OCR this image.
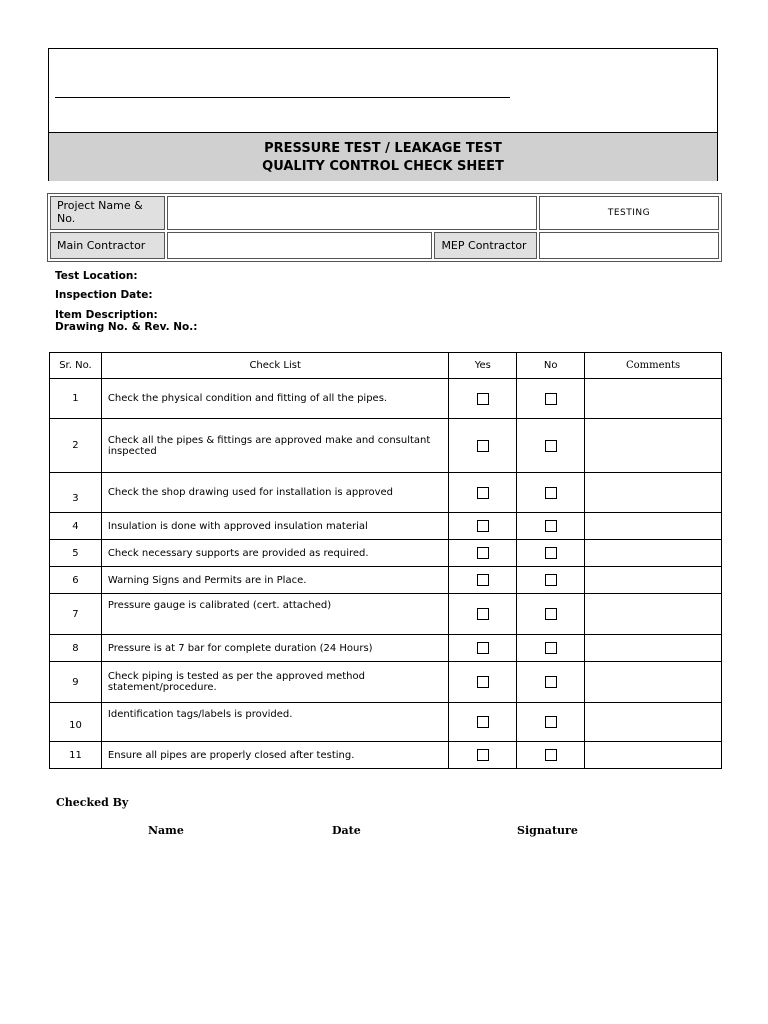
PRESSURE TEST / LEAKAGE TEST
QUALITY CONTROL CHECK SHEET
Project Name & No.			TESTING
Main Contractor		MEP Contractor	
Test Location:
Inspection Date:
Item Description:
Drawing No. & Rev. No.:
Sr. No.	Check List	Yes	No	Comments
1	Check the physical condition and fitting of all the pipes.			
2	Check all the pipes & fittings are approved make and consultant inspected			
3	Check the shop drawing used for installation is approved			
4	Insulation is done with approved insulation material			
5	Check necessary supports are provided as required.			
6	Warning Signs and Permits are in Place.			
7	Pressure gauge is calibrated (cert. attached)			
8	Pressure is at 7 bar for complete duration (24 Hours)			
9	Check piping is tested as per the approved method statement/procedure.			
10	Identification tags/labels is provided.			
11	Ensure all pipes are properly closed after testing.			
Checked By
Name	Date	Signature
